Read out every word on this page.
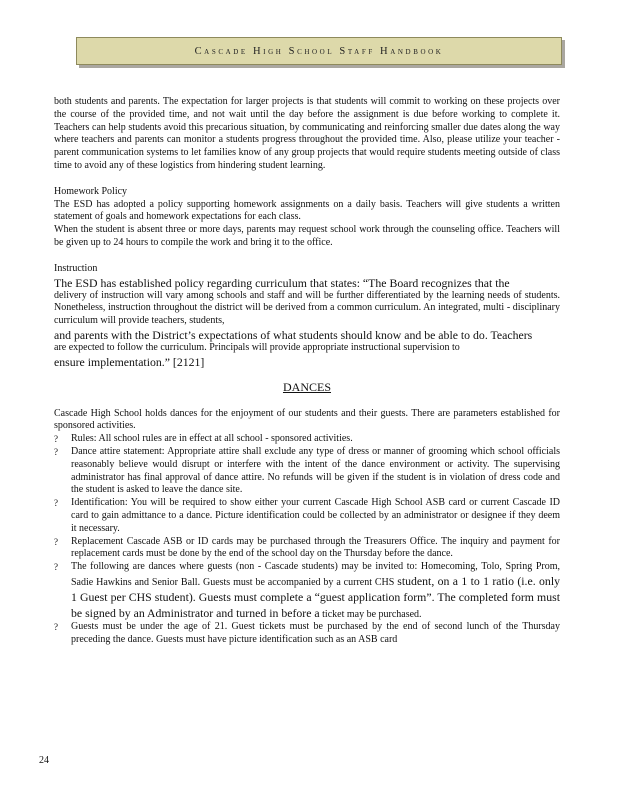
Cascade High School Staff Handbook

both students and parents. The expectation for larger projects is that students will commit to working on these projects over the course of the provided time, and not wait until the day before the assignment is due before working to complete it. Teachers can help students avoid this precarious situation, by communicating and reinforcing smaller due dates along the way where teachers and parents can monitor a students progress throughout the provided time. Also, please utilize your teacher - parent communication systems to let families know of any group projects that would require students meeting outside of class time to avoid any of these logistics from hindering student learning.

Homework Policy

The ESD has adopted a policy supporting homework assignments on a daily basis. Teachers will give students a written statement of goals and homework expectations for each class.

When the student is absent three or more days, parents may request school work through the counseling office. Teachers will be given up to 24 hours to compile the work and bring it to the office.

Instruction

The ESD has established policy regarding curriculum that states: “The Board recognizes that the

delivery of instruction will vary among schools and staff and will be further differentiated by the learning needs of students. Nonetheless, instruction throughout the district will be derived from a common curriculum. An integrated, multi - disciplinary curriculum will provide teachers, students,

and parents with the District’s expectations of what students should know and be able to do. Teachers

are expected to follow the curriculum. Principals will provide appropriate instructional supervision to

ensure implementation.” [2121]

DANCES

Cascade High School holds dances for the enjoyment of our students and their guests. There are parameters established for sponsored activities.

? Rules: All school rules are in effect at all school - sponsored activities.
? Dance attire statement: Appropriate attire shall exclude any type of dress or manner of grooming which school officials reasonably believe would disrupt or interfere with the intent of the dance environment or activity. The supervising administrator has final approval of dance attire. No refunds will be given if the student is in violation of dress code and the student is asked to leave the dance site.
? Identification: You will be required to show either your current Cascade High School ASB card or current Cascade ID card to gain admittance to a dance. Picture identification could be collected by an administrator or designee if they deem it necessary.
? Replacement Cascade ASB or ID cards may be purchased through the Treasurers Office. The inquiry and payment for replacement cards must be done by the end of the school day on the Thursday before the dance.
? The following are dances where guests (non - Cascade students) may be invited to: Homecoming, Tolo, Spring Prom, Sadie Hawkins and Senior Ball. Guests must be accompanied by a current CHS student, on a 1 to 1 ratio (i.e. only 1 Guest per CHS student). Guests must complete a “guest application form”. The completed form must be signed by an Administrator and turned in before a ticket may be purchased.
? Guests must be under the age of 21. Guest tickets must be purchased by the end of second lunch of the Thursday preceding the dance. Guests must have picture identification such as an ASB card
24
